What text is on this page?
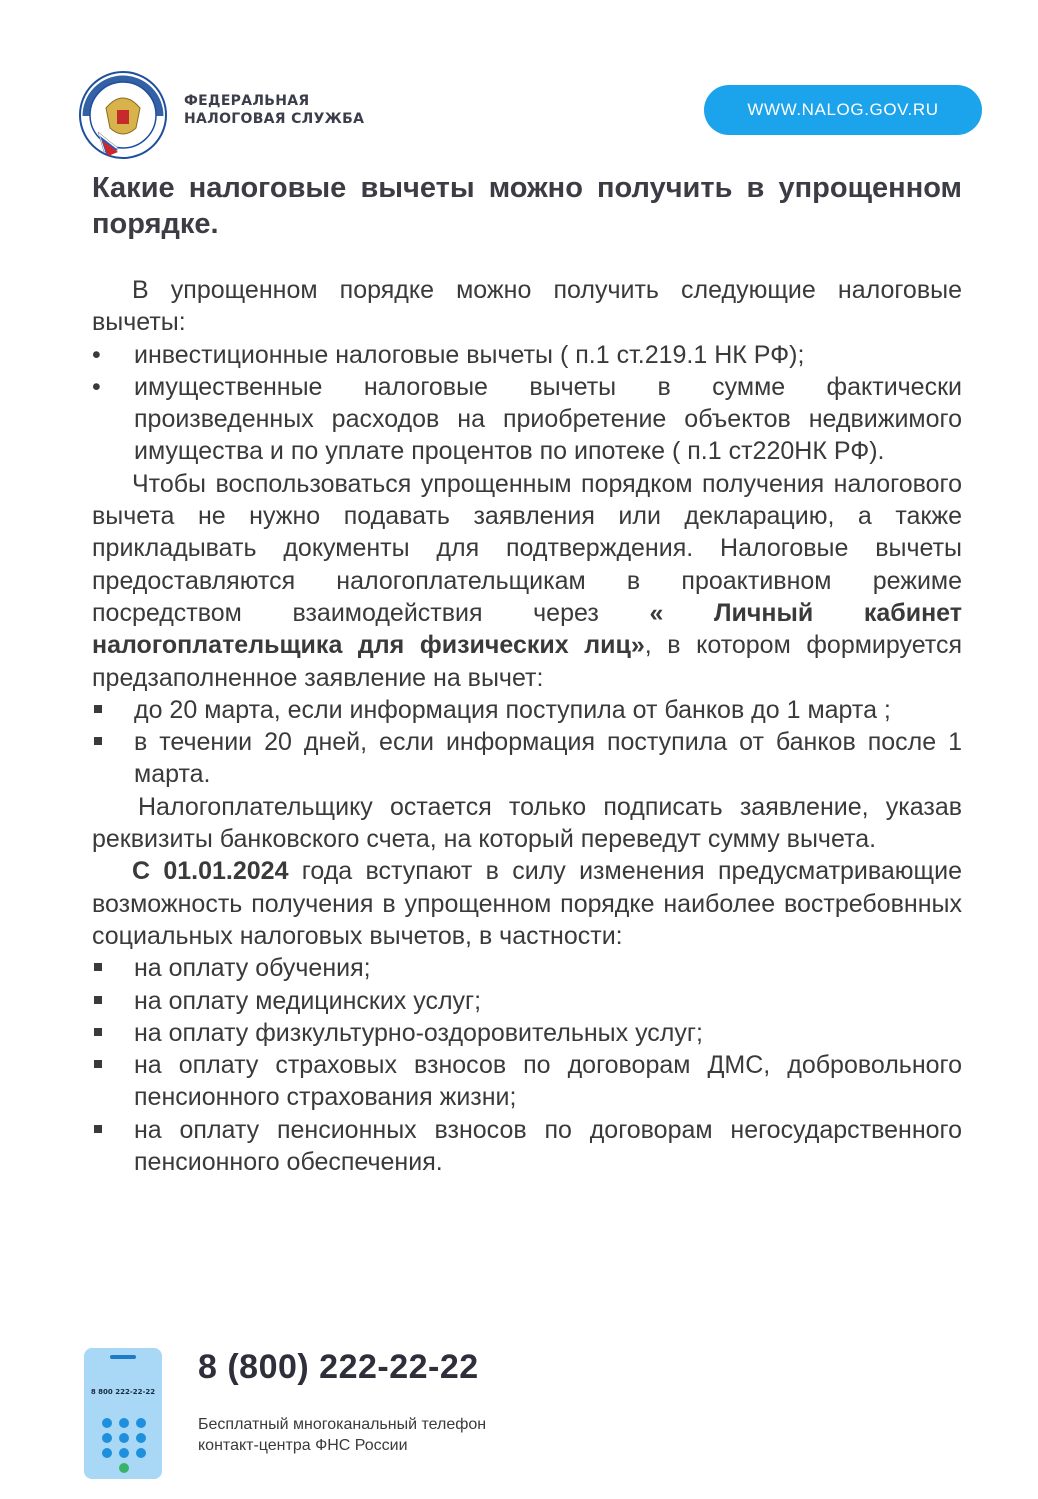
ФЕДЕРАЛЬНАЯ
НАЛОГОВАЯ СЛУЖБА	WWW.NALOG.GOV.RU
Какие налоговые вычеты можно получить в упрощенном порядке.

В упрощенном порядке можно получить следующие налоговые вычеты:

•
инвестиционные налоговые вычеты ( п.1 ст.219.1 НК РФ);
•
имущественные налоговые вычеты в сумме фактически произведенных расходов на приобретение объектов недвижимого имущества и по уплате процентов по ипотеке ( п.1 ст220НК РФ).

Чтобы воспользоваться упрощенным порядком получения налогового вычета не нужно подавать заявления или декларацию, а также прикладывать документы для подтверждения. Налоговые вычеты предоставляются налогоплательщикам в проактивном режиме посредством взаимодействия через « Личный кабинет налогоплательщика для физических лиц», в котором формируется предзаполненное заявление на вычет:

до 20 марта, если информация поступила от банков до 1 марта ;
в течении 20 дней, если информация поступила от банков после 1 марта.

Налогоплательщику остается только подписать заявление, указав реквизиты банковского счета, на который переведут сумму вычета.

С 01.01.2024 года вступают в силу изменения предусматривающие возможность получения в упрощенном порядке наиболее востребовнных социальных налоговых вычетов, в частности:

на оплату обучения;
на оплату медицинских услуг;
на оплату физкультурно-оздоровительных услуг;
на оплату страховых взносов по договорам ДМС, добровольного пенсионного страхования жизни;
на оплату пенсионных взносов по договорам негосударственного пенсионного обеспечения.
8 800 222-22-22
8 (800) 222-22-22
Бесплатный многоканальный телефон
контакт-центра ФНС России
